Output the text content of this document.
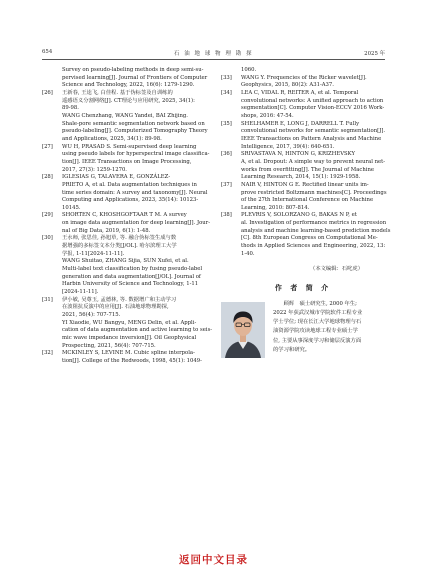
654	石 油 地 球 物 理 勘 探	2025 年
Survey on pseudo-labeling methods in deep semi-su-
pervised learning[J]. Journal of Frontiers of Computer
Science and Technology, 2022, 16(6): 1279-1290.
[26] 王新春, 王逵飞, 白佳程. 基于伪标签及自训练的
遥感语义分割网络[J]. CT理论与应用研究, 2025, 34(1):
89-98.
WANG Chenzhang, WANG Yandei, BAI Zhijing.
Shale-pore semantic segmentation network based on
pseudo-labeling[J]. Computerized Tomography Theory
and Applications, 2025, 34(1): 89-98.
[27] WU H, PRASAD S. Semi-supervised deep learning
using pseudo labels for hyperspectral image classifica-
tion[J]. IEEE Transactions on Image Processing,
2017, 27(3): 1259-1270.
[28] IGLESIAS G, TALAVERA E, GONZÁLEZ-
PRIETO A, et al. Data augmentation techniques in
time series domain: A survey and taxonomy[J]. Neural
Computing and Applications, 2023, 35(14): 10123-
10145.
[29] SHORTEN C, KHOSHGOFTAAR T M. A survey
on image data augmentation for deep learning[J]. Jour-
nal of Big Data, 2019, 6(1): 1-48.
[30] 王水师, 张思佳, 孙旭草, 等. 融合伪标签生成与数
据增强的多标签文本分类[J/OL]. 哈尔滨理工大学
学报, 1-11[2024-11-11].
WANG Shuitao, ZHANG Sijia, SUN Xufei, et al.
Multi-label text classification by fusing pseudo-label
generation and data augmentation[J/OL]. Journal of
Harbin University of Science and Technology, 1-11
[2024-11-11].
[31] 伊小敏, 吴尊玉, 孟德林, 等. 数据增广和主动学习
在波阻抗反演中的应用[J]. 石油地球物理勘探,
2021, 56(4): 707-715.
YI Xiaodie, WU Bangyu, MENG Delin, et al. Appli-
cation of data augmentation and active learning to seis-
mic wave impedance inversion[J]. Oil Geophysical
Prospecting, 2021, 56(4): 707-715.
[32] MCKINLEY S, LEVINE M. Cubic spline interpola-
tion[J]. College of the Redwoods, 1998, 45(1): 1049-
1060.
[33] WANG Y. Frequencies of the Ricker wavelet[J].
Geophysics, 2015, 80(2): A31-A37.
[34] LEA C, VIDAL R, REITER A, et al. Temporal
convolutional networks: A unified approach to action
segmentation[C]. Computer Vision-ECCV 2016 Work-
shops, 2016: 47-54.
[35] SHELHAMER E, LONG J, DARRELL T. Fully
convolutional networks for semantic segmentation[J].
IEEE Transactions on Pattern Analysis and Machine
Intelligence, 2017, 39(4): 640-651.
[36] SRIVASTAVA N, HINTON G, KRIZHEVSKY
A, et al. Dropout: A simple way to prevent neural net-
works from overfitting[J]. The Journal of Machine
Learning Research, 2014, 15(1): 1929-1958.
[37] NAIR V, HINTON G E. Rectified linear units im-
prove restricted Boltzmann machines[C]. Proceedings
of the 27th International Conference on Machine
Learning, 2010: 807-814.
[38] PLEVRIS V, SOLORZANO G, BAKAS N P, et
al. Investigation of performance metrics in regression
analysis and machine learning-based prediction models
[C]. 8th European Congress on Computational Me-
thods in Applied Sciences and Engineering, 2022, 13:
1-40.
（本文编辑：石叱虎）
作 者 简 介
　　顾辉　硕士研究生, 2000 年生;
2022 年获武汉城市学院软件工程专业
学士学位; 现在长江大学地球物理与石
油资源学院攻读地球工程专业硕士学
位, 主要从事深度学习和储层反演方面
的学习和研究。
返回中文目录
